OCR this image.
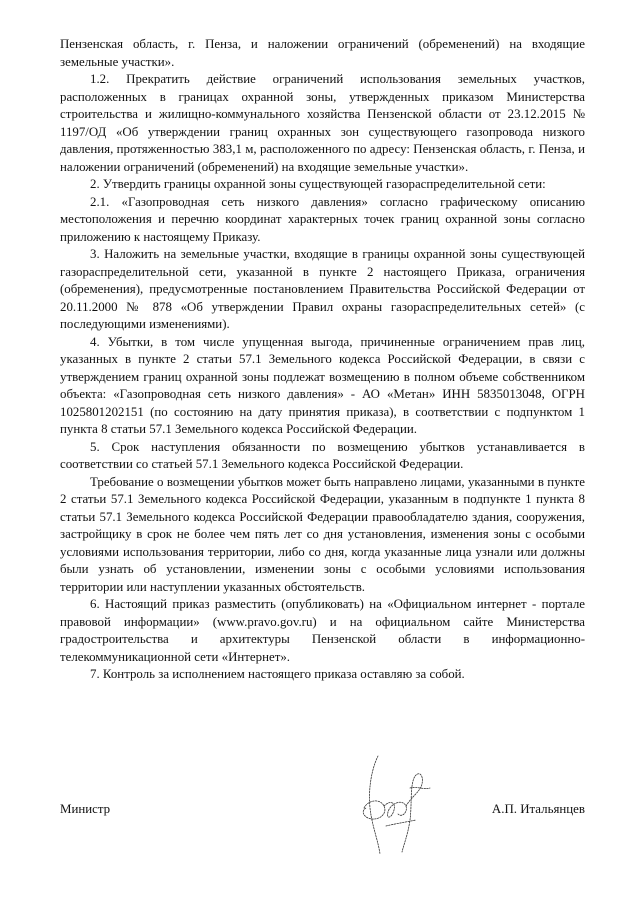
Пензенская область, г. Пенза, и наложении ограничений (обременений) на входящие земельные участки».

1.2. Прекратить действие ограничений использования земельных участков, расположенных в границах охранной зоны, утвержденных приказом Министерства строительства и жилищно-коммунального хозяйства Пензенской области от 23.12.2015 № 1197/ОД «Об утверждении границ охранных зон существующего газопровода низкого давления, протяженностью 383,1 м, расположенного по адресу: Пензенская область, г. Пенза, и наложении ограничений (обременений) на входящие земельные участки».

2. Утвердить границы охранной зоны существующей газораспределительной сети:

2.1. «Газопроводная сеть низкого давления» согласно графическому описанию местоположения и перечню координат характерных точек границ охранной зоны согласно приложению к настоящему Приказу.

3. Наложить на земельные участки, входящие в границы охранной зоны существующей газораспределительной сети, указанной в пункте 2 настоящего Приказа, ограничения (обременения), предусмотренные постановлением Правительства Российской Федерации от 20.11.2000 № 878 «Об утверждении Правил охраны газораспределительных сетей» (с последующими изменениями).

4. Убытки, в том числе упущенная выгода, причиненные ограничением прав лиц, указанных в пункте 2 статьи 57.1 Земельного кодекса Российской Федерации, в связи с утверждением границ охранной зоны подлежат возмещению в полном объеме собственником объекта: «Газопроводная сеть низкого давления» - АО «Метан» ИНН 5835013048, ОГРН 1025801202151 (по состоянию на дату принятия приказа), в соответствии с подпунктом 1 пункта 8 статьи 57.1 Земельного кодекса Российской Федерации.

5. Срок наступления обязанности по возмещению убытков устанавливается в соответствии со статьей 57.1 Земельного кодекса Российской Федерации.

Требование о возмещении убытков может быть направлено лицами, указанными в пункте 2 статьи 57.1 Земельного кодекса Российской Федерации, указанным в подпункте 1 пункта 8 статьи 57.1 Земельного кодекса Российской Федерации правообладателю здания, сооружения, застройщику в срок не более чем пять лет со дня установления, изменения зоны с особыми условиями использования территории, либо со дня, когда указанные лица узнали или должны были узнать об установлении, изменении зоны с особыми условиями использования территории или наступлении указанных обстоятельств.

6. Настоящий приказ разместить (опубликовать) на «Официальном интернет - портале правовой информации» (www.pravo.gov.ru) и на официальном сайте Министерства градостроительства и архитектуры Пензенской области в информационно-телекоммуникационной сети «Интернет».

7. Контроль за исполнением настоящего приказа оставляю за собой.

Министр	А.П. Итальянцев
